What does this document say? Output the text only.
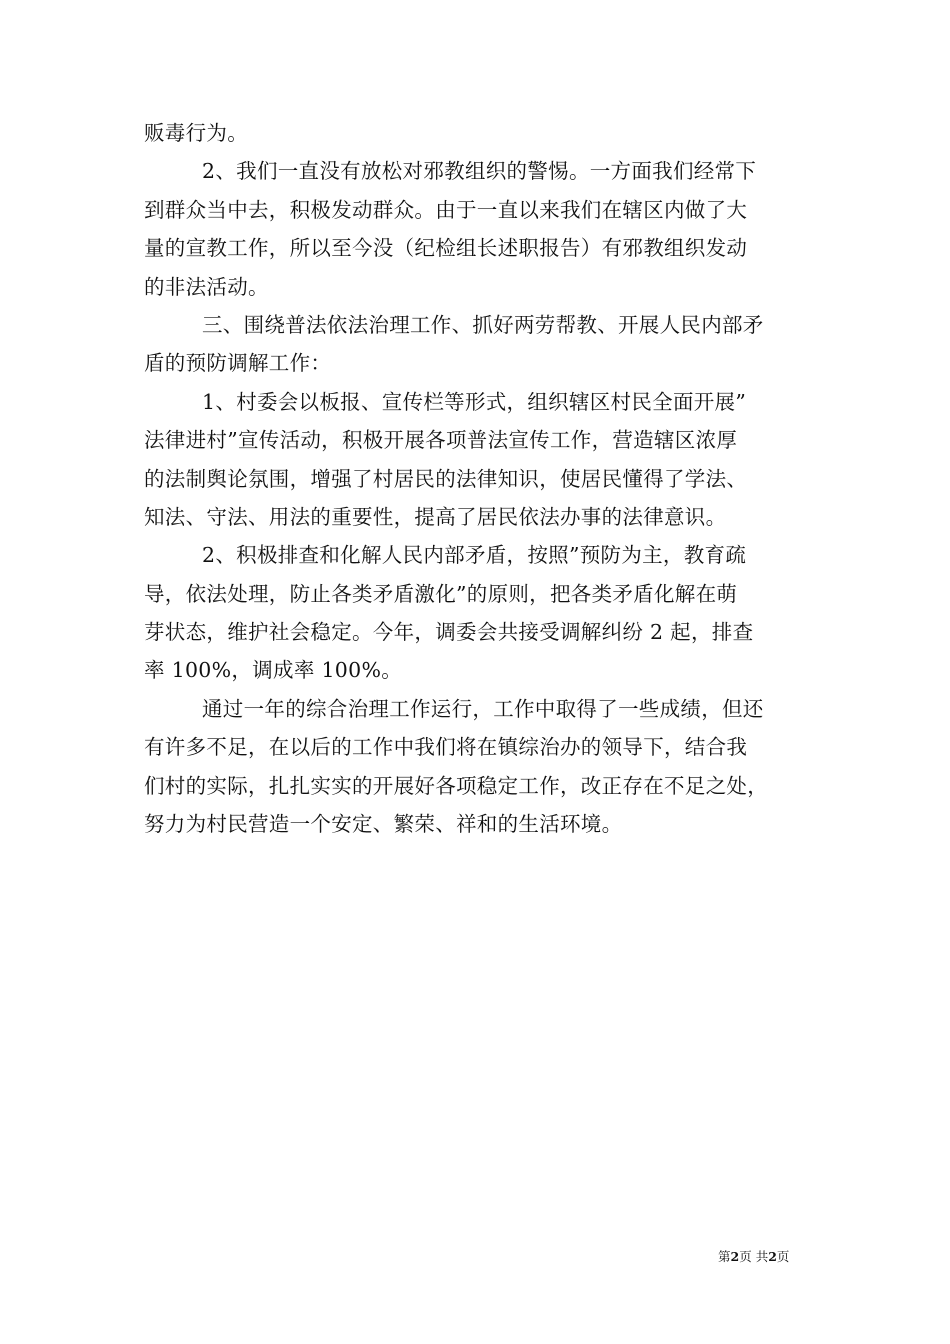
贩毒行为。
2、我们一直没有放松对邪教组织的警惕。一方面我们经常下
到群众当中去，积极发动群众。由于一直以来我们在辖区内做了大
量的宣教工作，所以至今没（纪检组长述职报告）有邪教组织发动
的非法活动。
三、围绕普法依法治理工作、抓好两劳帮教、开展人民内部矛
盾的预防调解工作：
1、村委会以板报、宣传栏等形式，组织辖区村民全面开展”
法律进村”宣传活动，积极开展各项普法宣传工作，营造辖区浓厚
的法制舆论氛围，增强了村居民的法律知识，使居民懂得了学法、
知法、守法、用法的重要性，提高了居民依法办事的法律意识。
2、积极排查和化解人民内部矛盾，按照”预防为主，教育疏
导，依法处理，防止各类矛盾激化”的原则，把各类矛盾化解在萌
芽状态，维护社会稳定。今年，调委会共接受调解纠纷 2 起，排查
率 100%，调成率 100%。
通过一年的综合治理工作运行，工作中取得了一些成绩，但还
有许多不足，在以后的工作中我们将在镇综治办的领导下，结合我
们村的实际，扎扎实实的开展好各项稳定工作，改正存在不足之处，
努力为村民营造一个安定、繁荣、祥和的生活环境。
第2页 共2页
